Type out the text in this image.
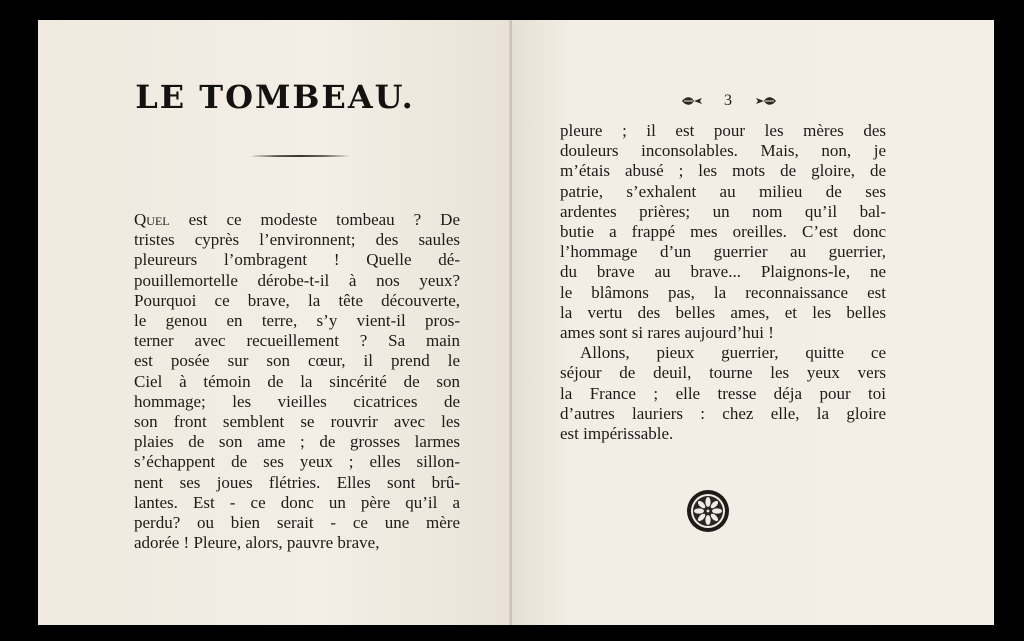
LE TOMBEAU.
Quel est ce modeste tombeau ? De
tristes cyprès l’environnent; des saules
pleureurs l’ombragent ! Quelle dé-
pouillemortelle dérobe-t-il à nos yeux?
Pourquoi ce brave, la tête découverte,
le genou en terre, s’y vient-il pros-
terner avec recueillement ? Sa main
est posée sur son cœur, il prend le
Ciel à témoin de la sincérité de son
hommage; les vieilles cicatrices de
son front semblent se rouvrir avec les
plaies de son ame ; de grosses larmes
s’échappent de ses yeux ; elles sillon-
nent ses joues flétries. Elles sont brû-
lantes. Est - ce donc un père qu’il a
perdu? ou bien serait - ce une mère
adorée ! Pleure, alors, pauvre brave,
3
pleure ; il est pour les mères des
douleurs inconsolables. Mais, non, je
m’étais abusé ; les mots de gloire, de
patrie, s’exhalent au milieu de ses
ardentes prières; un nom qu’il bal-
butie a frappé mes oreilles. C’est donc
l’hommage d’un guerrier au guerrier,
du brave au brave... Plaignons-le, ne
le blâmons pas, la reconnaissance est
la vertu des belles ames, et les belles
ames sont si rares aujourd’hui !
Allons, pieux guerrier, quitte ce
séjour de deuil, tourne les yeux vers
la France ; elle tresse déja pour toi
d’autres lauriers : chez elle, la gloire
est impérissable.
